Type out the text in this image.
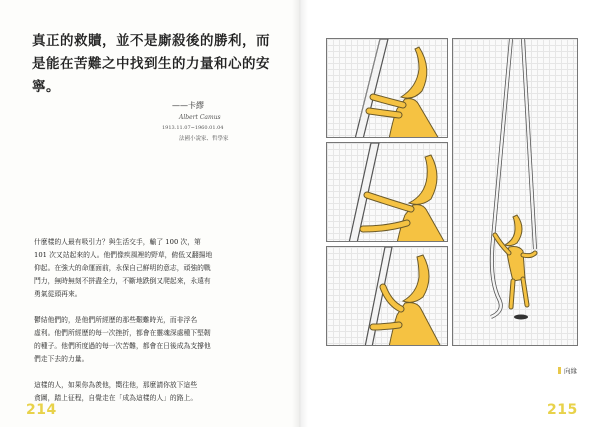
真正的救贖，並不是廝殺後的勝利，而
是能在苦難之中找到生的力量和心的安
寧。
——卡繆
Albert Camus
1913.11.07~1960.01.04
法國小說家、哲學家

什麼樣的人最有吸引力？與生活交手，輸了 100 次，第
101 次又站起來的人。他們像疾風裡的野草，俯低又翻揚地
仰起。在強大的命運面前，永保自己鮮明的意志，頑強的戰
鬥力，無時無刻不拼盡全力，不斷地跌倒又爬起來，永遠有
勇氣從頭再來。

鬱結他們的，是他們所經歷的那些艱難時光，而非浮名
虛利。他們所經歷的每一次挫折，都會在靈魂深處種下堅韌
的種子。他們所度過的每一次苦難，都會在日後成為支撐他
們走下去的力量。

這樣的人，如果你為羨他，嚮往他，那麼請你放下這些
貪圖，踏上征程，自覺走在「成為這樣的人」的路上。

214	215
向緣
